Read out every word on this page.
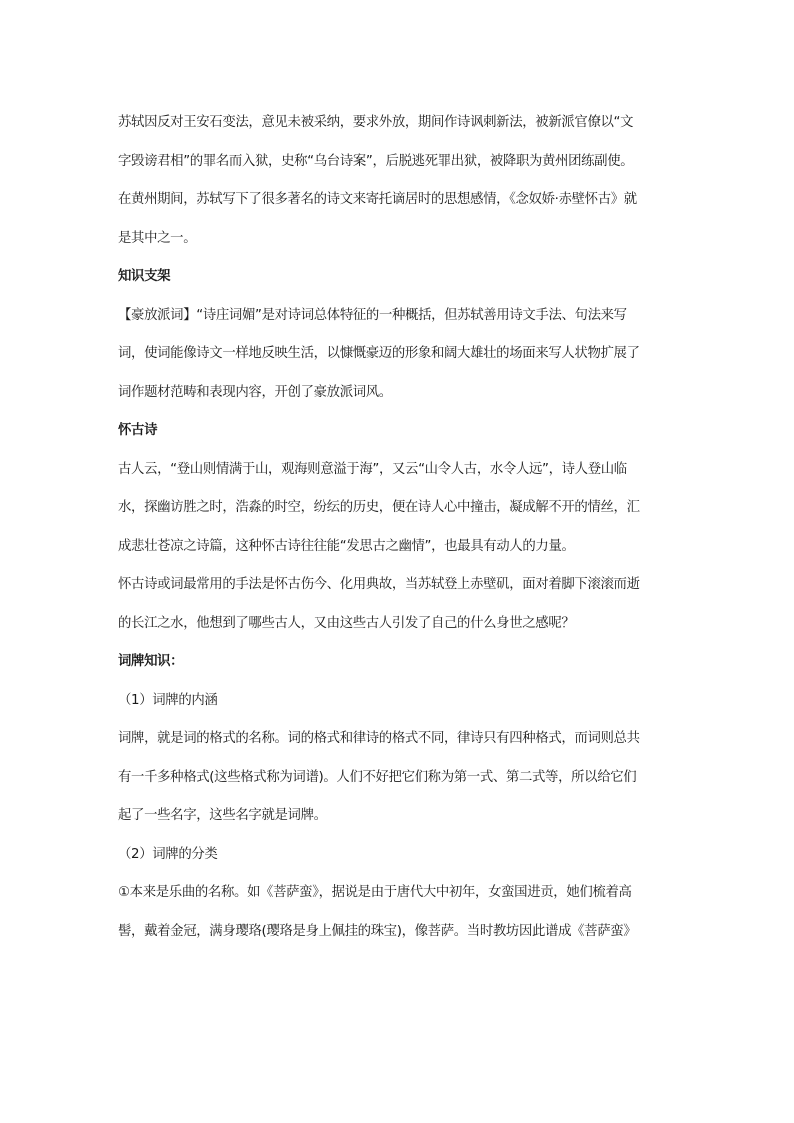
苏轼因反对王安石变法，意见未被采纳，要求外放，期间作诗讽刺新法，被新派官僚以“文
字毁谤君相”的罪名而入狱，史称“乌台诗案”，后脱逃死罪出狱，被降职为黄州团练副使。
在黄州期间，苏轼写下了很多著名的诗文来寄托谪居时的思想感情，《念奴娇·赤壁怀古》就
是其中之一。
知识支架
【豪放派词】“诗庄词媚”是对诗词总体特征的一种概括，但苏轼善用诗文手法、句法来写
词，使词能像诗文一样地反映生活，以慷慨豪迈的形象和阔大雄壮的场面来写人状物扩展了
词作题材范畴和表现内容，开创了豪放派词风。
怀古诗
古人云，“登山则情满于山，观海则意溢于海”，又云“山令人古，水令人远”，诗人登山临
水，探幽访胜之时，浩淼的时空，纷纭的历史，便在诗人心中撞击，凝成解不开的情丝，汇
成悲壮苍凉之诗篇，这种怀古诗往往能“发思古之幽情”，也最具有动人的力量。
怀古诗或词最常用的手法是怀古伤今、化用典故，当苏轼登上赤壁矶，面对着脚下滚滚而逝
的长江之水，他想到了哪些古人，又由这些古人引发了自己的什么身世之感呢？
词牌知识：
（1）词牌的内涵
词牌，就是词的格式的名称。词的格式和律诗的格式不同，律诗只有四种格式，而词则总共
有一千多种格式(这些格式称为词谱)。人们不好把它们称为第一式、第二式等，所以给它们
起了一些名字，这些名字就是词牌。
（2）词牌的分类
①本来是乐曲的名称。如《菩萨蛮》，据说是由于唐代大中初年，女蛮国进贡，她们梳着高
髻，戴着金冠，满身璎珞(璎珞是身上佩挂的珠宝)，像菩萨。当时教坊因此谱成《菩萨蛮》
